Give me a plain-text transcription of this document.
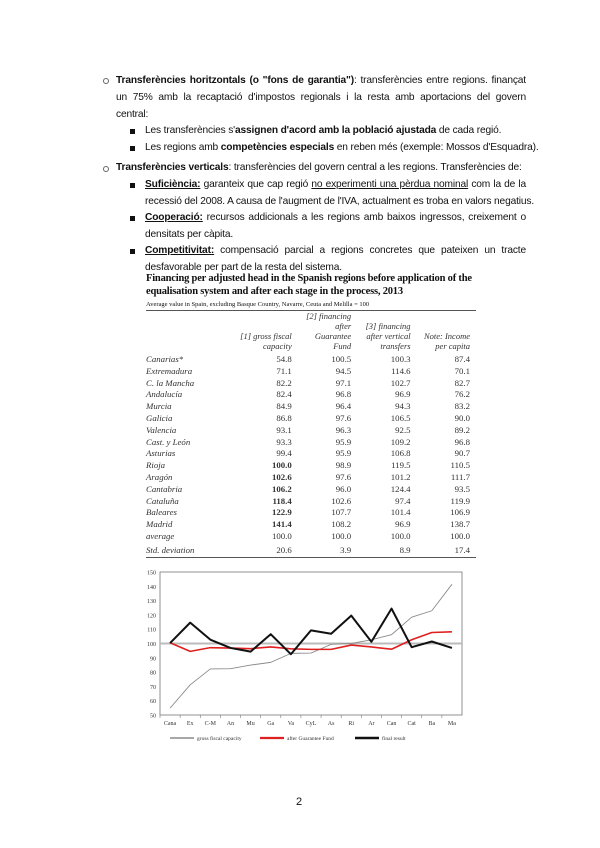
Transferències horitzontals (o "fons de garantia"): transferències entre regions. finançat
un 75% amb la recaptació d'impostos regionals i la resta amb aportacions del govern
central:
Les transferències s'assignen d'acord amb la població ajustada de cada regió.
Les regions amb competències especials en reben més (exemple: Mossos d'Esquadra).
Transferències verticals: transferències del govern central a les regions. Transferències de:
Suficiència: garanteix que cap regió no experimenti una pèrdua nominal com la de la
recessió del 2008. A causa de l'augment de l'IVA, actualment es troba en valors negatius.
Cooperació: recursos addicionals a les regions amb baixos ingressos, creixement o
densitats per càpita.
Competitivitat: compensació parcial a regions concretes que pateixen un tracte
desfavorable per part de la resta del sistema.
Financing per adjusted head in the Spanish regions before application of the equalisation system and after each stage in the process, 2013
Average value in Spain, excluding Basque Country, Navarre, Ceuta and Melilla = 100
	[1] gross fiscal capacity	[2] financing after Guarantee Fund	[3] financing after vertical transfers	Note: Income per capita
Canarias*	54.8	100.5	100.3	87.4
Extremadura	71.1	94.5	114.6	70.1
C. la Mancha	82.2	97.1	102.7	82.7
Andalucía	82.4	96.8	96.9	76.2
Murcia	84.9	96.4	94.3	83.2
Galicia	86.8	97.6	106.5	90.0
Valencia	93.1	96.3	92.5	89.2
Cast. y León	93.3	95.9	109.2	96.8
Asturias	99.4	95.9	106.8	90.7
Rioja	100.0	98.9	119.5	110.5
Aragón	102.6	97.6	101.2	111.7
Cantabria	106.2	96.0	124.4	93.5
Cataluña	118.4	102.6	97.4	119.9
Baleares	122.9	107.7	101.4	106.9
Madrid	141.4	108.2	96.9	138.7
average	100.0	100.0	100.0	100.0
Std. deviation	20.6	3.9	8.9	17.4
50
60
70
80
90
100
110
120
130
140
150
Cana Ex C-M An Mu Ga Va CyL As Ri Ar Can Cat Ba Ma
gross fiscal capacity	after Guarantee Fund	final result
2
